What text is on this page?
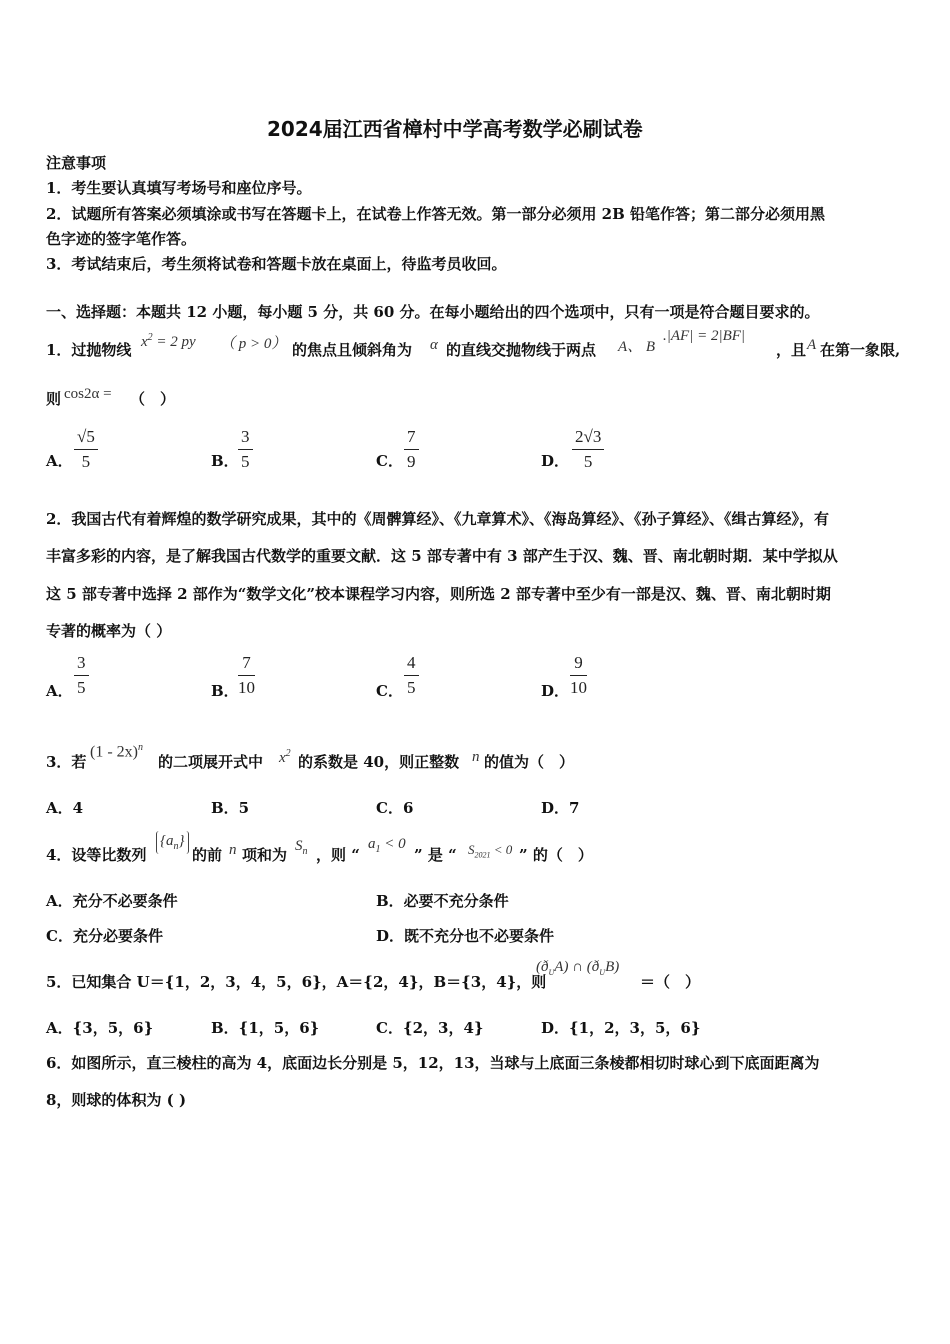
2024届江西省樟村中学高考数学必刷试卷
注意事项
1．考生要认真填写考场号和座位序号。
2．试题所有答案必须填涂或书写在答题卡上，在试卷上作答无效。第一部分必须用 2B 铅笔作答；第二部分必须用黑
色字迹的签字笔作答。
3．考试结束后，考生须将试卷和答题卡放在桌面上，待监考员收回。
一、选择题：本题共 12 小题，每小题 5 分，共 60 分。在每小题给出的四个选项中，只有一项是符合题目要求的。
1．过抛物线 $x^2 = 2$ py （ p > 0） 的焦点且倾斜角为 α 的直线交抛物线于两点 A、 B
.|AF| = 2|BF|
，且 A 在第一象限,
则 cos2α = （　）
A． $\frac{√5}{5}$	B． $\frac{3}{5}$	C． $\frac{7}{9}$	D． $\frac{2√3}{5}$
2．我国古代有着辉煌的数学研究成果，其中的《周髀算经》、《九章算术》、《海岛算经》、《孙子算经》、《缉古算经》，有
丰富多彩的内容，是了解我国古代数学的重要文献．这 5 部专著中有 3 部产生于汉、魏、晋、南北朝时期．某中学拟从
这 5 部专著中选择 2 部作为“数学文化”校本课程学习内容，则所选 2 部专著中至少有一部是汉、魏、晋、南北朝时期
专著的概率为（ ）
A． $\frac{3}{5}$	B． $\frac{7}{10}$	C． $\frac{4}{5}$	D． $\frac{9}{10}$
3．若
(1 - 2x)$^n$
的二项展开式中 $x^2$ 的系数是 40，则正整数 n 的值为（　）
A．4	B．5	C．6	D．7
4．设等比数列
$\{a_n\}$
的前 n 项和为 $S_n$ ，则 “
$a_1 < 0$
” 是 “ $S_{2021} < 0$ ” 的（　）
A．充分不必要条件	B．必要不充分条件
C．充分必要条件	D．既不充分也不必要条件
5．已知集合 U＝{1，2，3，4，5，6}，A＝{2，4}，B＝{3，4}，则
$(ð_UA)$ ∩ $(ð_UB)$
＝（　）
A．{3，5，6}	B．{1，5，6}	C．{2，3，4}	D．{1，2，3，5，6}
6．如图所示，直三棱柱的高为 4，底面边长分别是 5，12，13，当球与上底面三条棱都相切时球心到下底面距离为
8，则球的体积为 ( )
